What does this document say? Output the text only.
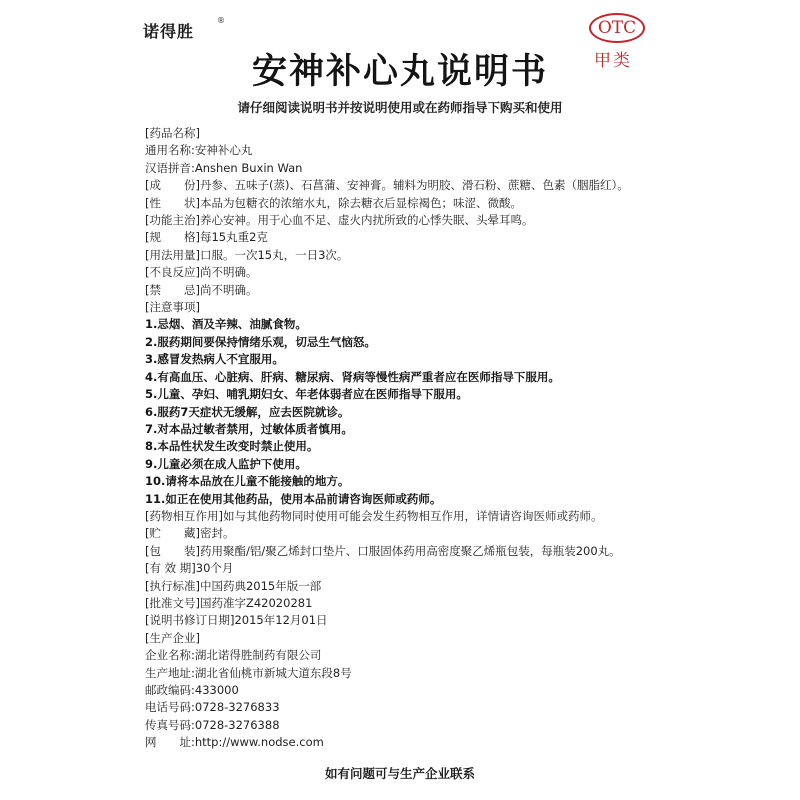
诺得胜
®	OTC
甲类
安神补心丸说明书
请仔细阅读说明书并按说明使用或在药师指导下购买和使用
[药品名称]
通用名称: 安神补心丸
汉语拼音: Anshen Buxin Wan
[成　　份] 丹参、五味子(蒸)、石菖蒲、安神膏。辅料为明胶、滑石粉、蔗糖、色素（胭脂红）。
[性　　状] 本品为包糖衣的浓缩水丸，除去糖衣后显棕褐色；味涩、微酸。
[功能主治] 养心安神。用于心血不足、虚火内扰所致的心悸失眠、头晕耳鸣。
[规　　格] 每15丸重2克
[用法用量] 口服。一次15丸，一日3次。
[不良反应] 尚不明确。
[禁　　忌] 尚不明确。
[注意事项]
1. 忌烟、酒及辛辣、油腻食物。
2. 服药期间要保持情绪乐观，切忌生气恼怒。
3. 感冒发热病人不宜服用。
4. 有高血压、心脏病、肝病、糖尿病、肾病等慢性病严重者应在医师指导下服用。
5. 儿童、孕妇、哺乳期妇女、年老体弱者应在医师指导下服用。
6. 服药7天症状无缓解，应去医院就诊。
7. 对本品过敏者禁用，过敏体质者慎用。
8. 本品性状发生改变时禁止使用。
9. 儿童必须在成人监护下使用。
10. 请将本品放在儿童不能接触的地方。
11. 如正在使用其他药品，使用本品前请咨询医师或药师。
[药物相互作用] 如与其他药物同时使用可能会发生药物相互作用，详情请咨询医师或药师。
[贮　　藏] 密封。
[包　　装] 药用聚酯/铝/聚乙烯封口垫片、口服固体药用高密度聚乙烯瓶包装，每瓶装200丸。
[有 效 期] 30个月
[执行标准] 中国药典2015年版一部
[批准文号] 国药准字Z42020281
[说明书修订日期] 2015年12月01日
[生产企业]
企业名称: 湖北诺得胜制药有限公司
生产地址: 湖北省仙桃市新城大道东段8号
邮政编码: 433000
电话号码: 0728-3276833
传真号码: 0728-3276388
网　　址: http://www.nodse.com
如有问题可与生产企业联系
